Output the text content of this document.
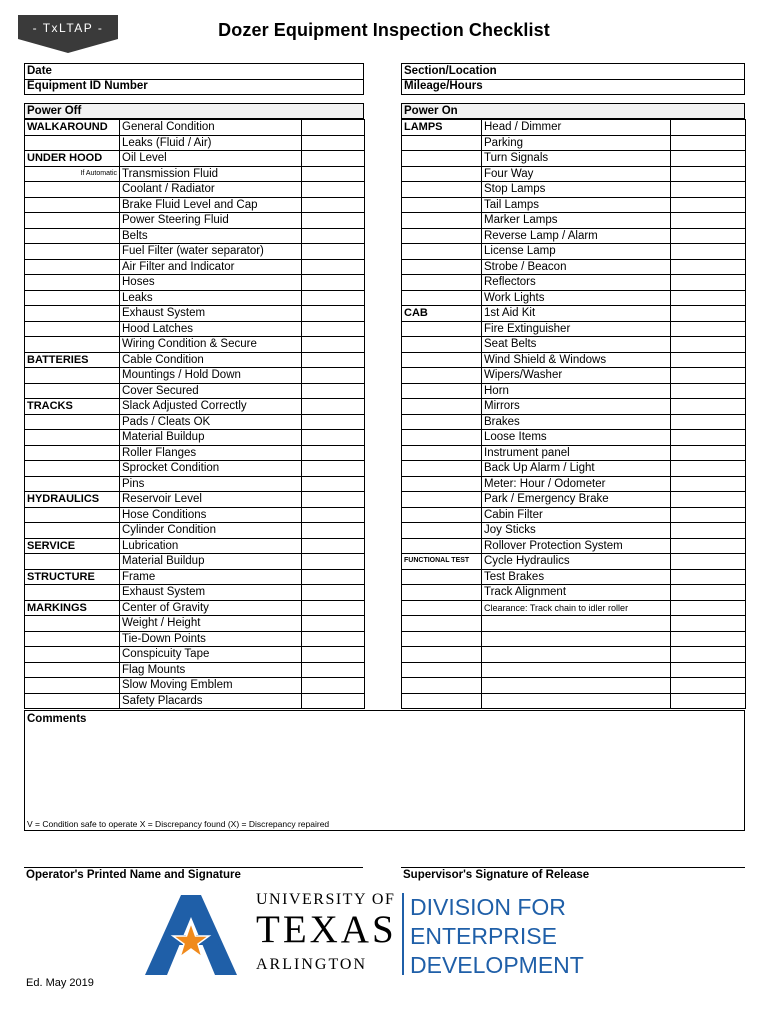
- TxLTAP -	Dozer Equipment Inspection Checklist
Date
Equipment ID Number
Section/Location
Mileage/Hours
Power Off	Power On
WALKAROUND	General Condition	
	Leaks (Fluid / Air)	
UNDER HOOD	Oil Level	
If Automatic	Transmission Fluid	
	Coolant / Radiator	
	Brake Fluid Level and Cap	
	Power Steering Fluid	
	Belts	
	Fuel Filter (water separator)	
	Air Filter and Indicator	
	Hoses	
	Leaks	
	Exhaust System	
	Hood Latches	
	Wiring Condition & Secure	
BATTERIES	Cable Condition	
	Mountings / Hold Down	
	Cover Secured	
TRACKS	Slack Adjusted Correctly	
	Pads / Cleats OK	
	Material Buildup	
	Roller Flanges	
	Sprocket Condition	
	Pins	
HYDRAULICS	Reservoir Level	
	Hose Conditions	
	Cylinder Condition	
SERVICE	Lubrication	
	Material Buildup	
STRUCTURE	Frame	
	Exhaust System	
MARKINGS	Center of Gravity	
	Weight / Height	
	Tie-Down Points	
	Conspicuity Tape	
	Flag Mounts	
	Slow Moving Emblem	
	Safety Placards	
LAMPS	Head / Dimmer	
	Parking	
	Turn Signals	
	Four Way	
	Stop Lamps	
	Tail Lamps	
	Marker Lamps	
	Reverse Lamp / Alarm	
	License Lamp	
	Strobe / Beacon	
	Reflectors	
	Work Lights	
CAB	1st Aid Kit	
	Fire Extinguisher	
	Seat Belts	
	Wind Shield & Windows	
	Wipers/Washer	
	Horn	
	Mirrors	
	Brakes	
	Loose Items	
	Instrument panel	
	Back Up Alarm / Light	
	Meter: Hour / Odometer	
	Park / Emergency Brake	
	Cabin Filter	
	Joy Sticks	
	Rollover Protection System	
FUNCTIONAL TEST	Cycle Hydraulics	
	Test Brakes	
	Track Alignment	
	Clearance: Track chain to idler roller	

Comments
V = Condition safe to operate X = Discrepancy found (X) = Discrepancy repaired
Operator's Printed Name and Signature	Supervisor's Signature of Release
UNIVERSITY OF
TEXAS
ARLINGTON
DIVISION FOR
ENTERPRISE
DEVELOPMENT
Ed. May 2019
